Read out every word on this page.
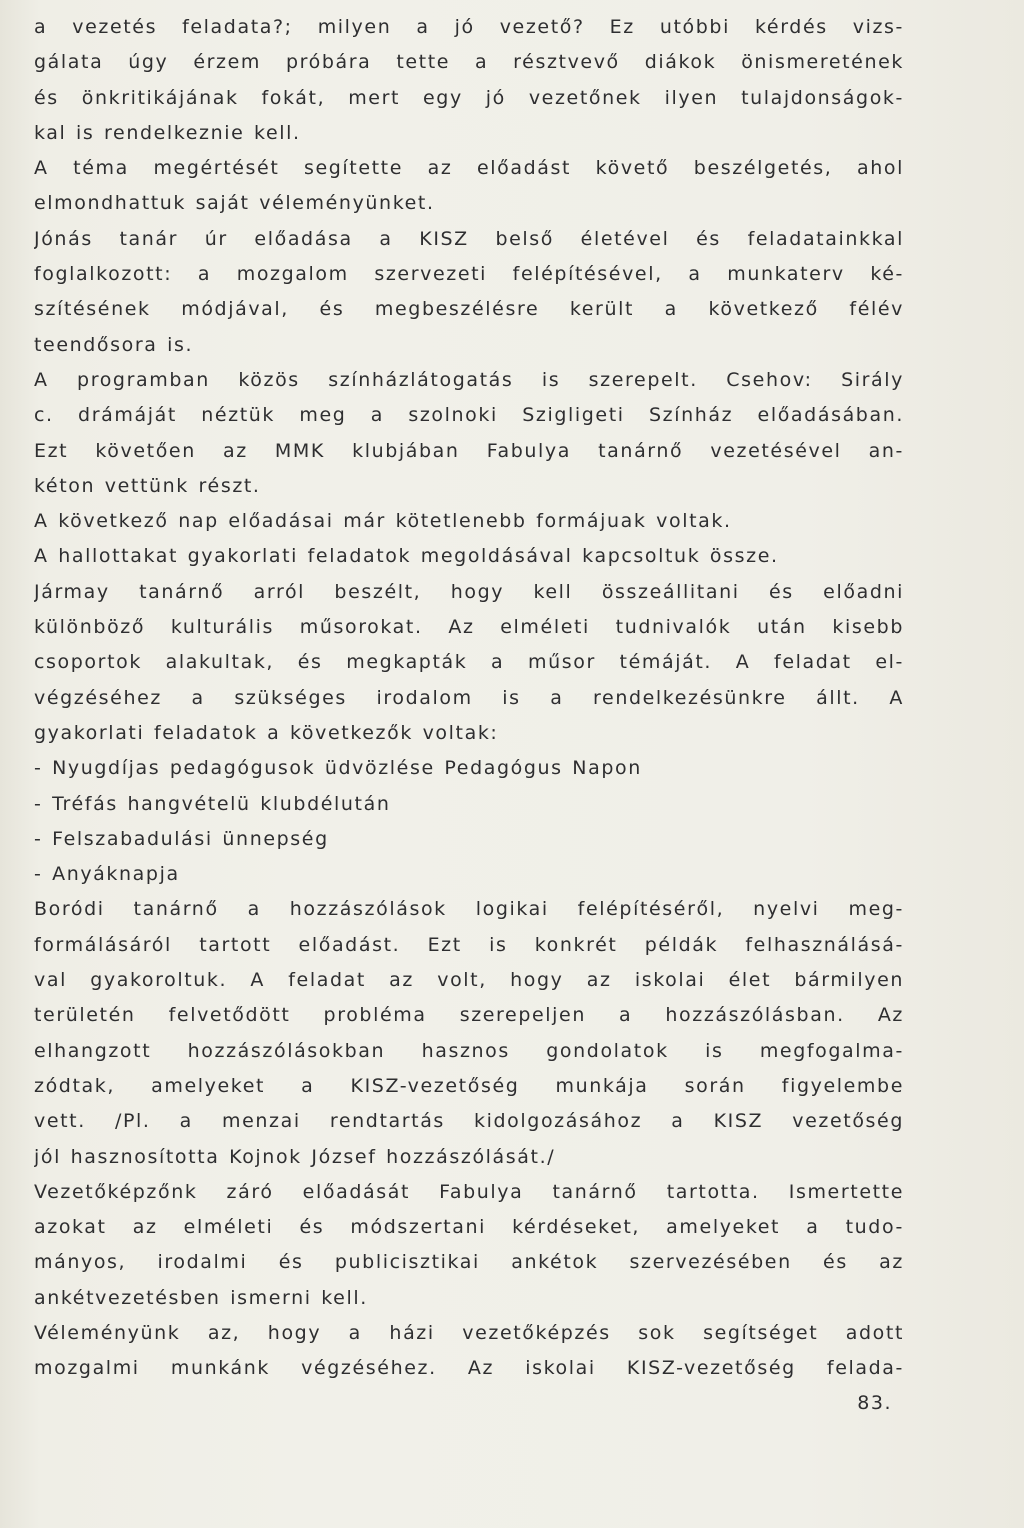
a vezetés feladata?; milyen a jó vezető? Ez utóbbi kérdés vizs-
gálata úgy érzem próbára tette a résztvevő diákok önismeretének
és önkritikájának fokát, mert egy jó vezetőnek ilyen tulajdonságok-
kal is rendelkeznie kell.
A téma megértését segítette az előadást követő beszélgetés, ahol
elmondhattuk saját véleményünket.
Jónás tanár úr előadása a KISZ belső életével és feladatainkkal
foglalkozott: a mozgalom szervezeti felépítésével, a munkaterv ké-
szítésének módjával, és megbeszélésre került a következő félév
teendősora is.
A programban közös színházlátogatás is szerepelt. Csehov: Sirály
c. drámáját néztük meg a szolnoki Szigligeti Színház előadásában.
Ezt követően az MMK klubjában Fabulya tanárnő vezetésével an-
kéton vettünk részt.
A következő nap előadásai már kötetlenebb formájuak voltak.
A hallottakat gyakorlati feladatok megoldásával kapcsoltuk össze.
Jármay tanárnő arról beszélt, hogy kell összeállitani és előadni
különböző kulturális műsorokat. Az elméleti tudnivalók után kisebb
csoportok alakultak, és megkapták a műsor témáját. A feladat el-
végzéséhez a szükséges irodalom is a rendelkezésünkre állt. A
gyakorlati feladatok a következők voltak:
- Nyugdíjas pedagógusok üdvözlése Pedagógus Napon
- Tréfás hangvételü klubdélután
- Felszabadulási ünnepség
- Anyáknapja
Boródi tanárnő a hozzászólások logikai felépítéséről, nyelvi meg-
formálásáról tartott előadást. Ezt is konkrét példák felhasználásá-
val gyakoroltuk. A feladat az volt, hogy az iskolai élet bármilyen
területén felvetődött probléma szerepeljen a hozzászólásban. Az
elhangzott hozzászólásokban hasznos gondolatok is megfogalma-
zódtak, amelyeket a KISZ-vezetőség munkája során figyelembe
vett. /Pl. a menzai rendtartás kidolgozásához a KISZ vezetőség
jól hasznosította Kojnok József hozzászólását./
Vezetőképzőnk záró előadását Fabulya tanárnő tartotta. Ismertette
azokat az elméleti és módszertani kérdéseket, amelyeket a tudo-
mányos, irodalmi és publicisztikai ankétok szervezésében és az
ankétvezetésben ismerni kell.
Véleményünk az, hogy a házi vezetőképzés sok segítséget adott
mozgalmi munkánk végzéséhez. Az iskolai KISZ-vezetőség felada-
83.
